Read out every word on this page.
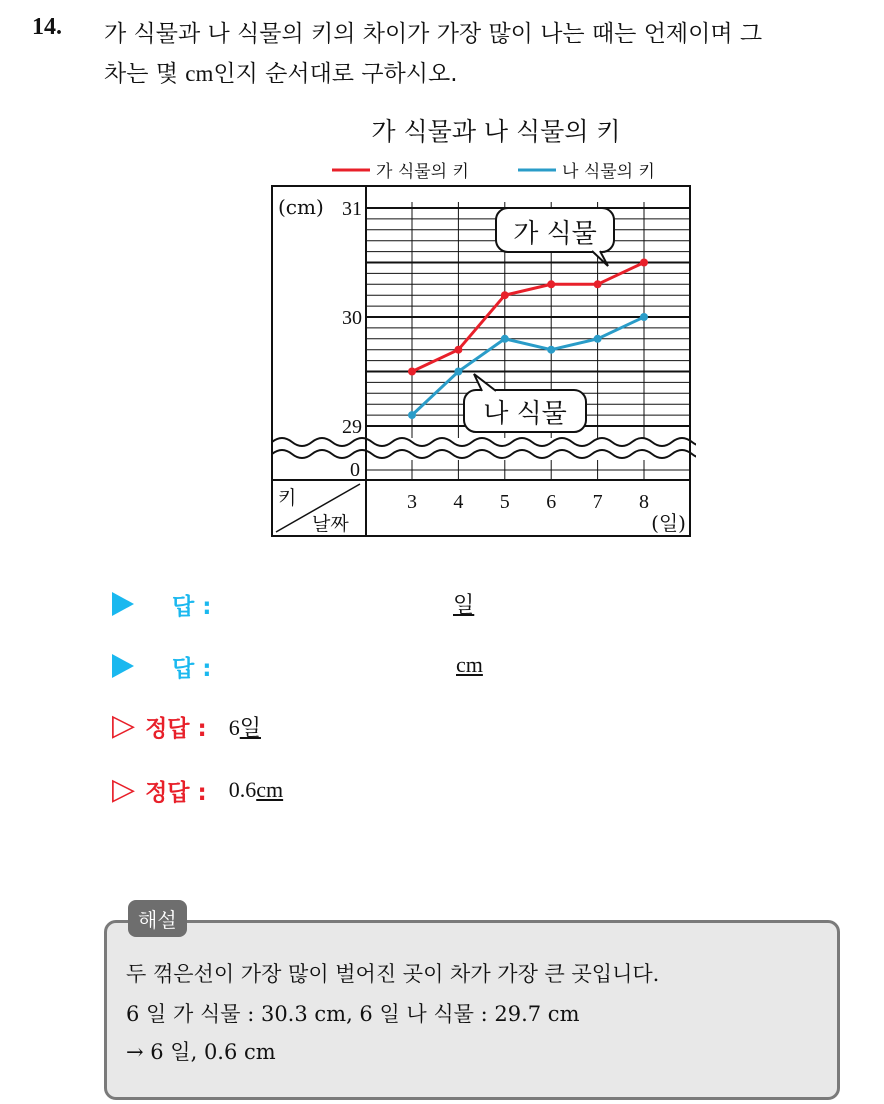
14. 가 식물과 나 식물의 키의 차이가 가장 많이 나는 때는 언제이며 그
차는 몇 cm인지 순서대로 구하시오.
가 식물과 나 식물의 키
가 식물의 키	나 식물의 키
(cm) 31
30
29
0
3 4 5 6 7 8
(일)
키
날짜
가 식물
나 식물
답 :	일
답 :	cm
▷ 정답 : 6일
▷ 정답 : 0.6cm
해설
두 꺾은선이 가장 많이 벌어진 곳이 차가 가장 큰 곳입니다.
6 일 가 식물 : 30.3 cm, 6 일 나 식물 : 29.7 cm
→ 6 일, 0.6 cm
